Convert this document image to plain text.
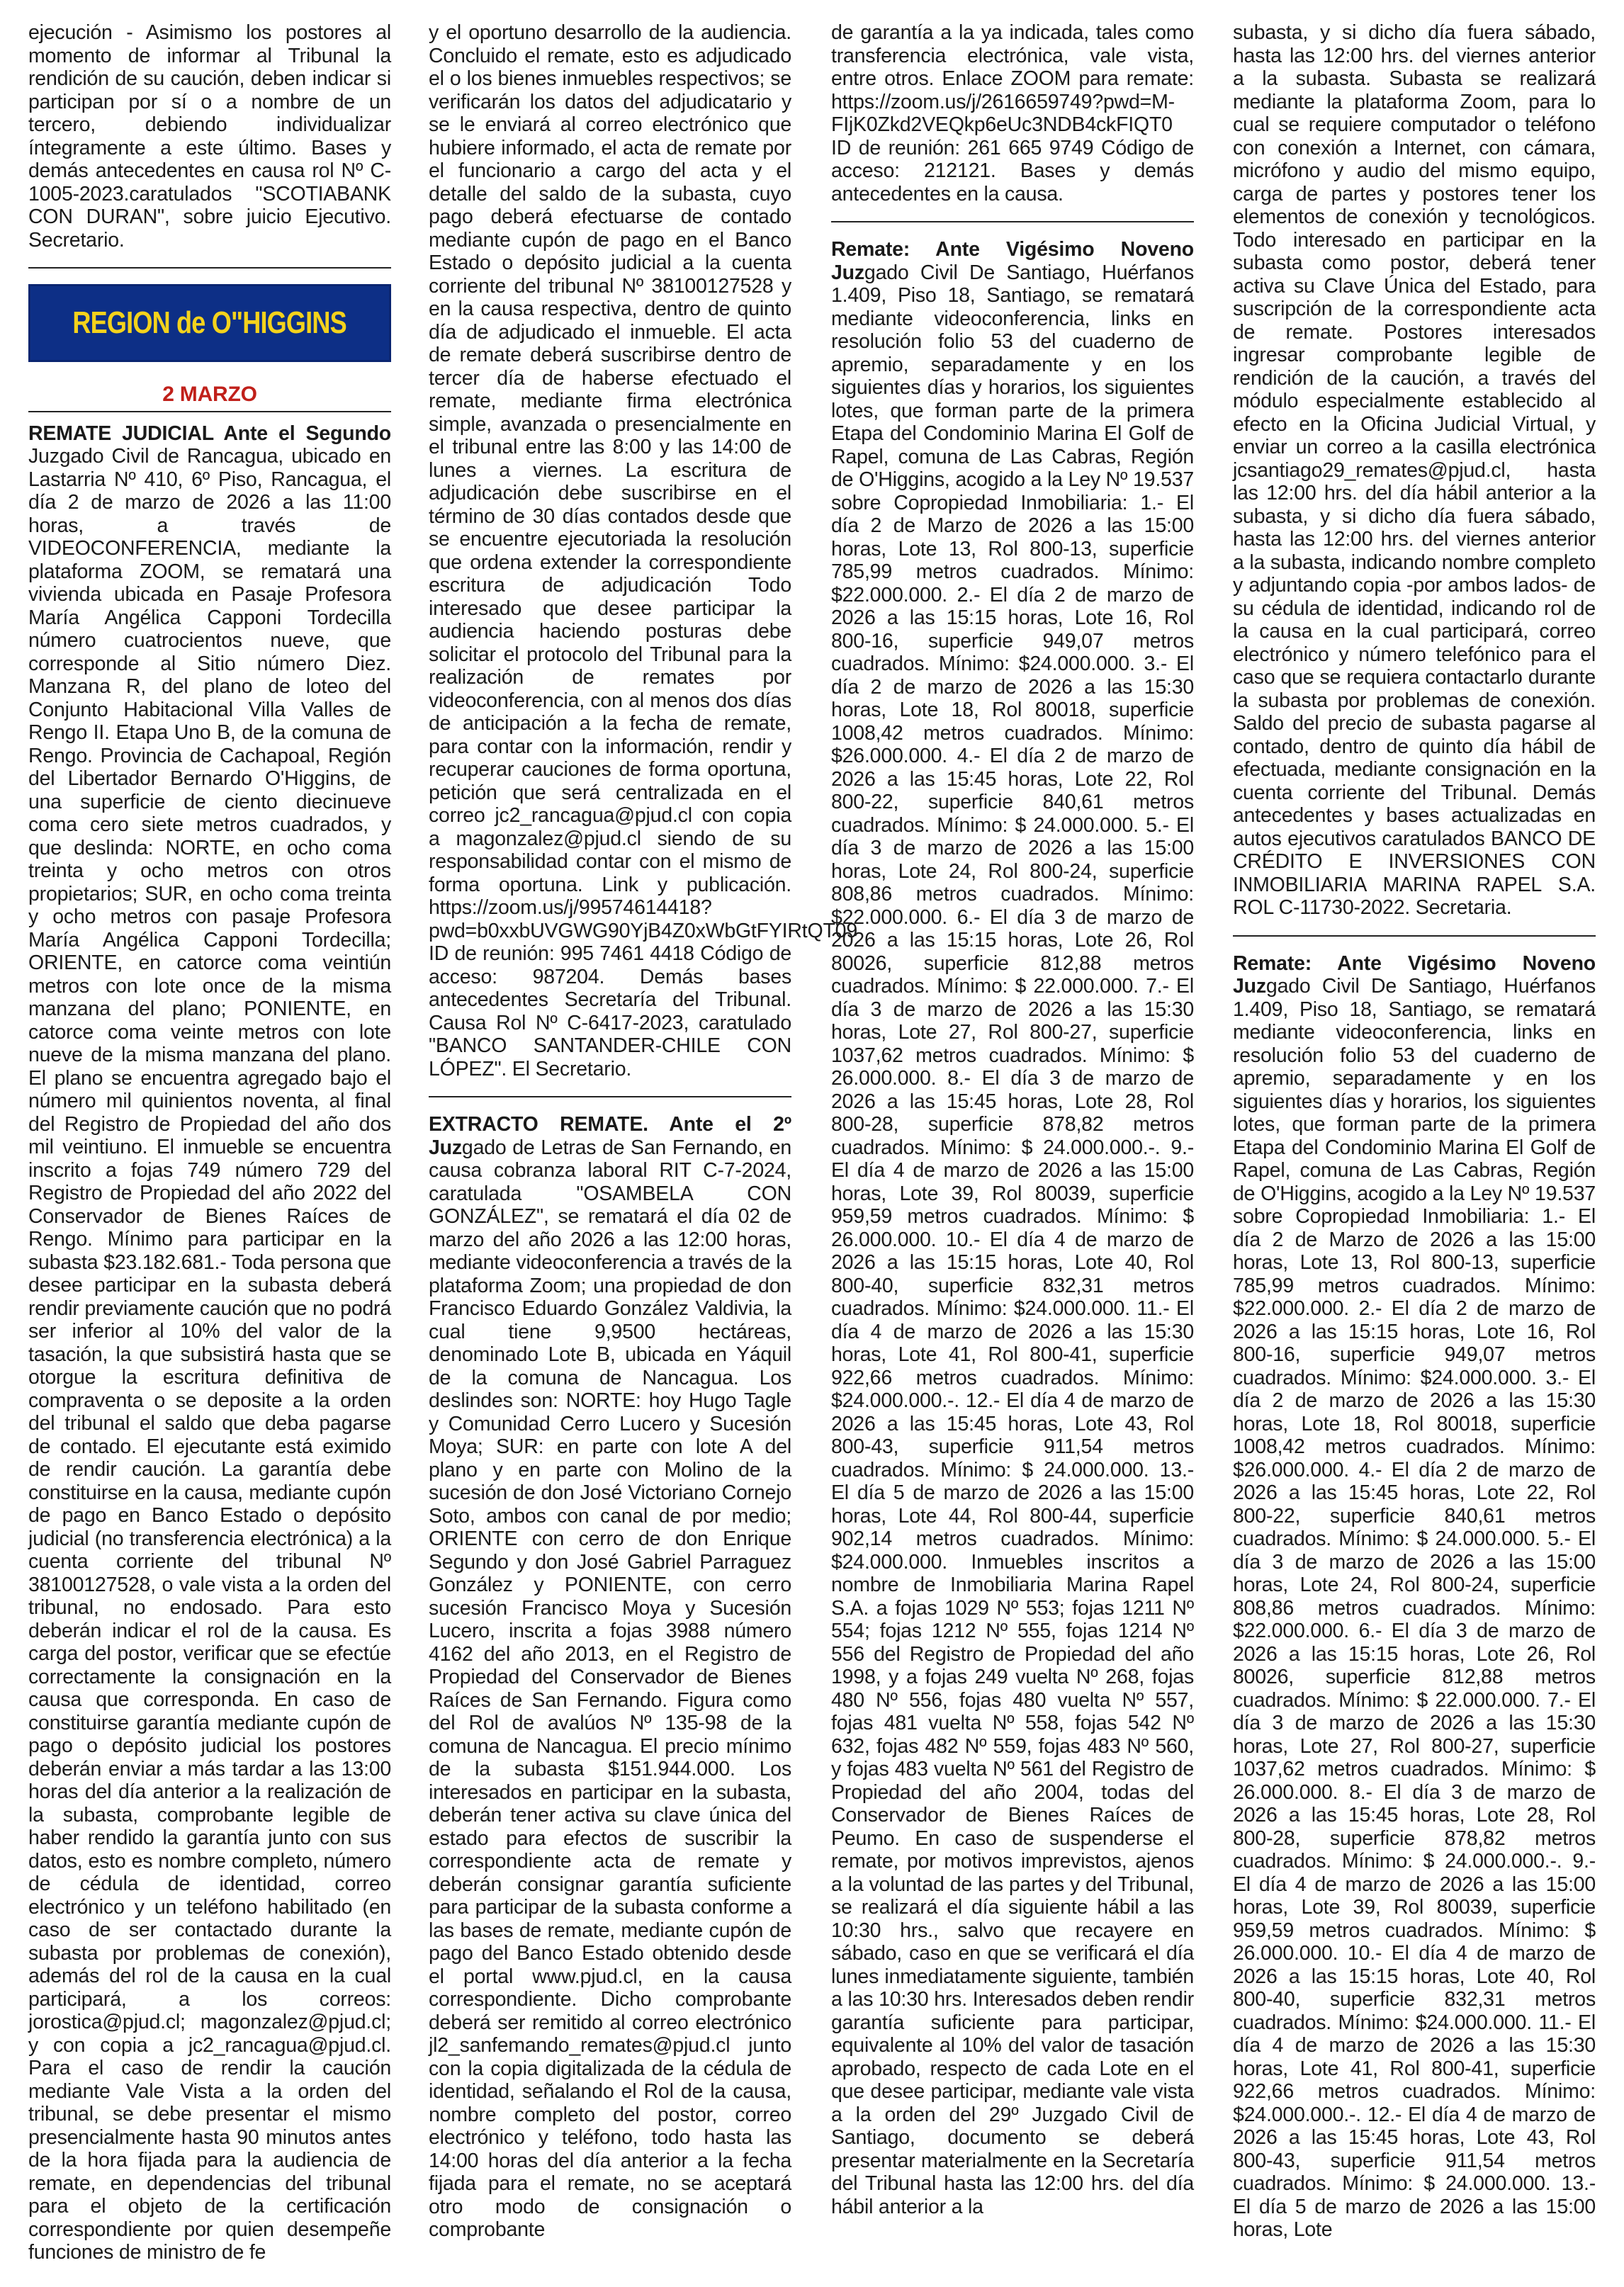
ejecución - Asimismo los postores al momento de informar al Tribunal la rendición de su caución, deben indicar si participan por sí o a nombre de un tercero, debiendo individualizar íntegramente a este último. Bases y demás antecedentes en causa rol Nº C-1005-2023.caratulados "SCOTIABANK CON DURAN", sobre juicio Ejecutivo. Secretario.

REGION de O"HIGGINS
2 MARZO

REMATE JUDICIAL Ante el Segundo Juzgado Civil de Rancagua, ubicado en Lastarria Nº 410, 6º Piso, Rancagua, el día 2 de marzo de 2026 a las 11:00 horas, a través de VIDEOCONFERENCIA, mediante la plataforma ZOOM, se rematará una vivienda ubicada en Pasaje Profesora María Angélica Capponi Tordecilla número cuatrocientos nueve, que corresponde al Sitio número Diez. Manzana R, del plano de loteo del Conjunto Habitacional Villa Valles de Rengo II. Etapa Uno B, de la comuna de Rengo. Provincia de Cachapoal, Región del Libertador Bernardo O'Higgins, de una superficie de ciento diecinueve coma cero siete metros cuadrados, y que deslinda: NORTE, en ocho coma treinta y ocho metros con otros propietarios; SUR, en ocho coma treinta y ocho metros con pasaje Profesora María Angélica Capponi Tordecilla; ORIENTE, en catorce coma veintiún metros con lote once de la misma manzana del plano; PONIENTE, en catorce coma veinte metros con lote nueve de la misma manzana del plano. El plano se encuentra agregado bajo el número mil quinientos noventa, al final del Registro de Propiedad del año dos mil veintiuno. El inmueble se encuentra inscrito a fojas 749 número 729 del Registro de Propiedad del año 2022 del Conservador de Bienes Raíces de Rengo. Mínimo para participar en la subasta $23.182.681.- Toda persona que desee participar en la subasta deberá rendir previamente caución que no podrá ser inferior al 10% del valor de la tasación, la que subsistirá hasta que se otorgue la escritura definitiva de compraventa o se deposite a la orden del tribunal el saldo que deba pagarse de contado. El ejecutante está eximido de rendir caución. La garantía debe constituirse en la causa, mediante cupón de pago en Banco Estado o depósito judicial (no transferencia electrónica) a la cuenta corriente del tribunal Nº 38100127528, o vale vista a la orden del tribunal, no endosado. Para esto deberán indicar el rol de la causa. Es carga del postor, verificar que se efectúe correctamente la consignación en la causa que corresponda. En caso de constituirse garantía mediante cupón de pago o depósito judicial los postores deberán enviar a más tardar a las 13:00 horas del día anterior a la realización de la subasta, comprobante legible de haber rendido la garantía junto con sus datos, esto es nombre completo, número de cédula de identidad, correo electrónico y un teléfono habilitado (en caso de ser contactado durante la subasta por problemas de conexión), además del rol de la causa en la cual participará, a los correos: jorostica@pjud.cl; magonzalez@pjud.cl; y con copia a jc2_rancagua@pjud.cl. Para el caso de rendir la caución mediante Vale Vista a la orden del tribunal, se debe presentar el mismo presencialmente hasta 90 minutos antes de la hora fijada para la audiencia de remate, en dependencias del tribunal para el objeto de la certificación correspondiente por quien desempeñe funciones de ministro de fe

y el oportuno desarrollo de la audiencia. Concluido el remate, esto es adjudicado el o los bienes inmuebles respectivos; se verificarán los datos del adjudicatario y se le enviará al correo electrónico que hubiere informado, el acta de remate por el funcionario a cargo del acta y el detalle del saldo de la subasta, cuyo pago deberá efectuarse de contado mediante cupón de pago en el Banco Estado o depósito judicial a la cuenta corriente del tribunal Nº 38100127528 y en la causa respectiva, dentro de quinto día de adjudicado el inmueble. El acta de remate deberá suscribirse dentro de tercer día de haberse efectuado el remate, mediante firma electrónica simple, avanzada o presencialmente en el tribunal entre las 8:00 y las 14:00 de lunes a viernes. La escritura de adjudicación debe suscribirse en el término de 30 días contados desde que se encuentre ejecutoriada la resolución que ordena extender la correspondiente escritura de adjudicación Todo interesado que desee participar la audiencia haciendo posturas debe solicitar el protocolo del Tribunal para la realización de remates por videoconferencia, con al menos dos días de anticipación a la fecha de remate, para contar con la información, rendir y recuperar cauciones de forma oportuna, petición que será centralizada en el correo jc2_rancagua@pjud.cl con copia a magonzalez@pjud.cl siendo de su responsabilidad contar con el mismo de forma oportuna. Link y publicación. https://zoom.us/j/99574614418?pwd=b0xxbUVGWG90YjB4Z0xWbGtFYIRtQT09 ID de reunión: 995 7461 4418 Código de acceso: 987204. Demás bases antecedentes Secretaría del Tribunal. Causa Rol Nº C-6417-2023, caratulado "BANCO SANTANDER-CHILE CON LÓPEZ". El Secretario.

EXTRACTO REMATE. Ante el 2º Juzgado de Letras de San Fernando, en causa cobranza laboral RIT C-7-2024, caratulada "OSAMBELA CON GONZÁLEZ", se rematará el día 02 de marzo del año 2026 a las 12:00 horas, mediante videoconferencia a través de la plataforma Zoom; una propiedad de don Francisco Eduardo González Valdivia, la cual tiene 9,9500 hectáreas, denominado Lote B, ubicada en Yáquil de la comuna de Nancagua. Los deslindes son: NORTE: hoy Hugo Tagle y Comunidad Cerro Lucero y Sucesión Moya; SUR: en parte con lote A del plano y en parte con Molino de la sucesión de don José Victoriano Cornejo Soto, ambos con canal de por medio; ORIENTE con cerro de don Enrique Segundo y don José Gabriel Parraguez González y PONIENTE, con cerro sucesión Francisco Moya y Sucesión Lucero, inscrita a fojas 3988 número 4162 del año 2013, en el Registro de Propiedad del Conservador de Bienes Raíces de San Fernando. Figura como del Rol de avalúos Nº 135-98 de la comuna de Nancagua. El precio mínimo de la subasta $151.944.000. Los interesados en participar en la subasta, deberán tener activa su clave única del estado para efectos de suscribir la correspondiente acta de remate y deberán consignar garantía suficiente para participar de la subasta conforme a las bases de remate, mediante cupón de pago del Banco Estado obtenido desde el portal www.pjud.cl, en la causa correspondiente. Dicho comprobante deberá ser remitido al correo electrónico jl2_sanfemando_remates@pjud.cl junto con la copia digitalizada de la cédula de identidad, señalando el Rol de la causa, nombre completo del postor, correo electrónico y teléfono, todo hasta las 14:00 horas del día anterior a la fecha fijada para el remate, no se aceptará otro modo de consignación o comprobante

de garantía a la ya indicada, tales como transferencia electrónica, vale vista, entre otros. Enlace ZOOM para remate: https://zoom.us/j/2616659749?pwd=M-FIjK0Zkd2VEQkp6eUc3NDB4ckFIQT0 ID de reunión: 261 665 9749 Código de acceso: 212121. Bases y demás antecedentes en la causa.

Remate: Ante Vigésimo Noveno Juzgado Civil De Santiago, Huérfanos 1.409, Piso 18, Santiago, se rematará mediante videoconferencia, links en resolución folio 53 del cuaderno de apremio, separadamente y en los siguientes días y horarios, los siguientes lotes, que forman parte de la primera Etapa del Condominio Marina El Golf de Rapel, comuna de Las Cabras, Región de O'Higgins, acogido a la Ley Nº 19.537 sobre Copropiedad Inmobiliaria: 1.- El día 2 de Marzo de 2026 a las 15:00 horas, Lote 13, Rol 800-13, superficie 785,99 metros cuadrados. Mínimo: $22.000.000. 2.- El día 2 de marzo de 2026 a las 15:15 horas, Lote 16, Rol 800-16, superficie 949,07 metros cuadrados. Mínimo: $24.000.000. 3.- El día 2 de marzo de 2026 a las 15:30 horas, Lote 18, Rol 80018, superficie 1008,42 metros cuadrados. Mínimo: $26.000.000. 4.- El día 2 de marzo de 2026 a las 15:45 horas, Lote 22, Rol 800-22, superficie 840,61 metros cuadrados. Mínimo: $ 24.000.000. 5.- El día 3 de marzo de 2026 a las 15:00 horas, Lote 24, Rol 800-24, superficie 808,86 metros cuadrados. Mínimo: $22.000.000. 6.- El día 3 de marzo de 2026 a las 15:15 horas, Lote 26, Rol 80026, superficie 812,88 metros cuadrados. Mínimo: $ 22.000.000. 7.- El día 3 de marzo de 2026 a las 15:30 horas, Lote 27, Rol 800-27, superficie 1037,62 metros cuadrados. Mínimo: $ 26.000.000. 8.- El día 3 de marzo de 2026 a las 15:45 horas, Lote 28, Rol 800-28, superficie 878,82 metros cuadrados. Mínimo: $ 24.000.000.-. 9.- El día 4 de marzo de 2026 a las 15:00 horas, Lote 39, Rol 80039, superficie 959,59 metros cuadrados. Mínimo: $ 26.000.000. 10.- El día 4 de marzo de 2026 a las 15:15 horas, Lote 40, Rol 800-40, superficie 832,31 metros cuadrados. Mínimo: $24.000.000. 11.- El día 4 de marzo de 2026 a las 15:30 horas, Lote 41, Rol 800-41, superficie 922,66 metros cuadrados. Mínimo: $24.000.000.-. 12.- El día 4 de marzo de 2026 a las 15:45 horas, Lote 43, Rol 800-43, superficie 911,54 metros cuadrados. Mínimo: $ 24.000.000. 13.- El día 5 de marzo de 2026 a las 15:00 horas, Lote 44, Rol 800-44, superficie 902,14 metros cuadrados. Mínimo: $24.000.000. Inmuebles inscritos a nombre de Inmobiliaria Marina Rapel S.A. a fojas 1029 Nº 553; fojas 1211 Nº 554; fojas 1212 Nº 555, fojas 1214 Nº 556 del Registro de Propiedad del año 1998, y a fojas 249 vuelta Nº 268, fojas 480 Nº 556, fojas 480 vuelta Nº 557, fojas 481 vuelta Nº 558, fojas 542 Nº 632, fojas 482 Nº 559, fojas 483 Nº 560, y fojas 483 vuelta Nº 561 del Registro de Propiedad del año 2004, todas del Conservador de Bienes Raíces de Peumo. En caso de suspenderse el remate, por motivos imprevistos, ajenos a la voluntad de las partes y del Tribunal, se realizará el día siguiente hábil a las 10:30 hrs., salvo que recayere en sábado, caso en que se verificará el día lunes inmediatamente siguiente, también a las 10:30 hrs. Interesados deben rendir garantía suficiente para participar, equivalente al 10% del valor de tasación aprobado, respecto de cada Lote en el que desee participar, mediante vale vista a la orden del 29º Juzgado Civil de Santiago, documento se deberá presentar materialmente en la Secretaría del Tribunal hasta las 12:00 hrs. del día hábil anterior a la

subasta, y si dicho día fuera sábado, hasta las 12:00 hrs. del viernes anterior a la subasta. Subasta se realizará mediante la plataforma Zoom, para lo cual se requiere computador o teléfono con conexión a Internet, con cámara, micrófono y audio del mismo equipo, carga de partes y postores tener los elementos de conexión y tecnológicos. Todo interesado en participar en la subasta como postor, deberá tener activa su Clave Única del Estado, para suscripción de la correspondiente acta de remate. Postores interesados ingresar comprobante legible de rendición de la caución, a través del módulo especialmente establecido al efecto en la Oficina Judicial Virtual, y enviar un correo a la casilla electrónica jcsantiago29_remates@pjud.cl, hasta las 12:00 hrs. del día hábil anterior a la subasta, y si dicho día fuera sábado, hasta las 12:00 hrs. del viernes anterior a la subasta, indicando nombre completo y adjuntando copia -por ambos lados- de su cédula de identidad, indicando rol de la causa en la cual participará, correo electrónico y número telefónico para el caso que se requiera contactarlo durante la subasta por problemas de conexión. Saldo del precio de subasta pagarse al contado, dentro de quinto día hábil de efectuada, mediante consignación en la cuenta corriente del Tribunal. Demás antecedentes y bases actualizadas en autos ejecutivos caratulados BANCO DE CRÉDITO E INVERSIONES CON INMOBILIARIA MARINA RAPEL S.A. ROL C-11730-2022. Secretaria.

Remate: Ante Vigésimo Noveno Juzgado Civil De Santiago, Huérfanos 1.409, Piso 18, Santiago, se rematará mediante videoconferencia, links en resolución folio 53 del cuaderno de apremio, separadamente y en los siguientes días y horarios, los siguientes lotes, que forman parte de la primera Etapa del Condominio Marina El Golf de Rapel, comuna de Las Cabras, Región de O'Higgins, acogido a la Ley Nº 19.537 sobre Copropiedad Inmobiliaria: 1.- El día 2 de Marzo de 2026 a las 15:00 horas, Lote 13, Rol 800-13, superficie 785,99 metros cuadrados. Mínimo: $22.000.000. 2.- El día 2 de marzo de 2026 a las 15:15 horas, Lote 16, Rol 800-16, superficie 949,07 metros cuadrados. Mínimo: $24.000.000. 3.- El día 2 de marzo de 2026 a las 15:30 horas, Lote 18, Rol 80018, superficie 1008,42 metros cuadrados. Mínimo: $26.000.000. 4.- El día 2 de marzo de 2026 a las 15:45 horas, Lote 22, Rol 800-22, superficie 840,61 metros cuadrados. Mínimo: $ 24.000.000. 5.- El día 3 de marzo de 2026 a las 15:00 horas, Lote 24, Rol 800-24, superficie 808,86 metros cuadrados. Mínimo: $22.000.000. 6.- El día 3 de marzo de 2026 a las 15:15 horas, Lote 26, Rol 80026, superficie 812,88 metros cuadrados. Mínimo: $ 22.000.000. 7.- El día 3 de marzo de 2026 a las 15:30 horas, Lote 27, Rol 800-27, superficie 1037,62 metros cuadrados. Mínimo: $ 26.000.000. 8.- El día 3 de marzo de 2026 a las 15:45 horas, Lote 28, Rol 800-28, superficie 878,82 metros cuadrados. Mínimo: $ 24.000.000.-. 9.- El día 4 de marzo de 2026 a las 15:00 horas, Lote 39, Rol 80039, superficie 959,59 metros cuadrados. Mínimo: $ 26.000.000. 10.- El día 4 de marzo de 2026 a las 15:15 horas, Lote 40, Rol 800-40, superficie 832,31 metros cuadrados. Mínimo: $24.000.000. 11.- El día 4 de marzo de 2026 a las 15:30 horas, Lote 41, Rol 800-41, superficie 922,66 metros cuadrados. Mínimo: $24.000.000.-. 12.- El día 4 de marzo de 2026 a las 15:45 horas, Lote 43, Rol 800-43, superficie 911,54 metros cuadrados. Mínimo: $ 24.000.000. 13.- El día 5 de marzo de 2026 a las 15:00 horas, Lote
